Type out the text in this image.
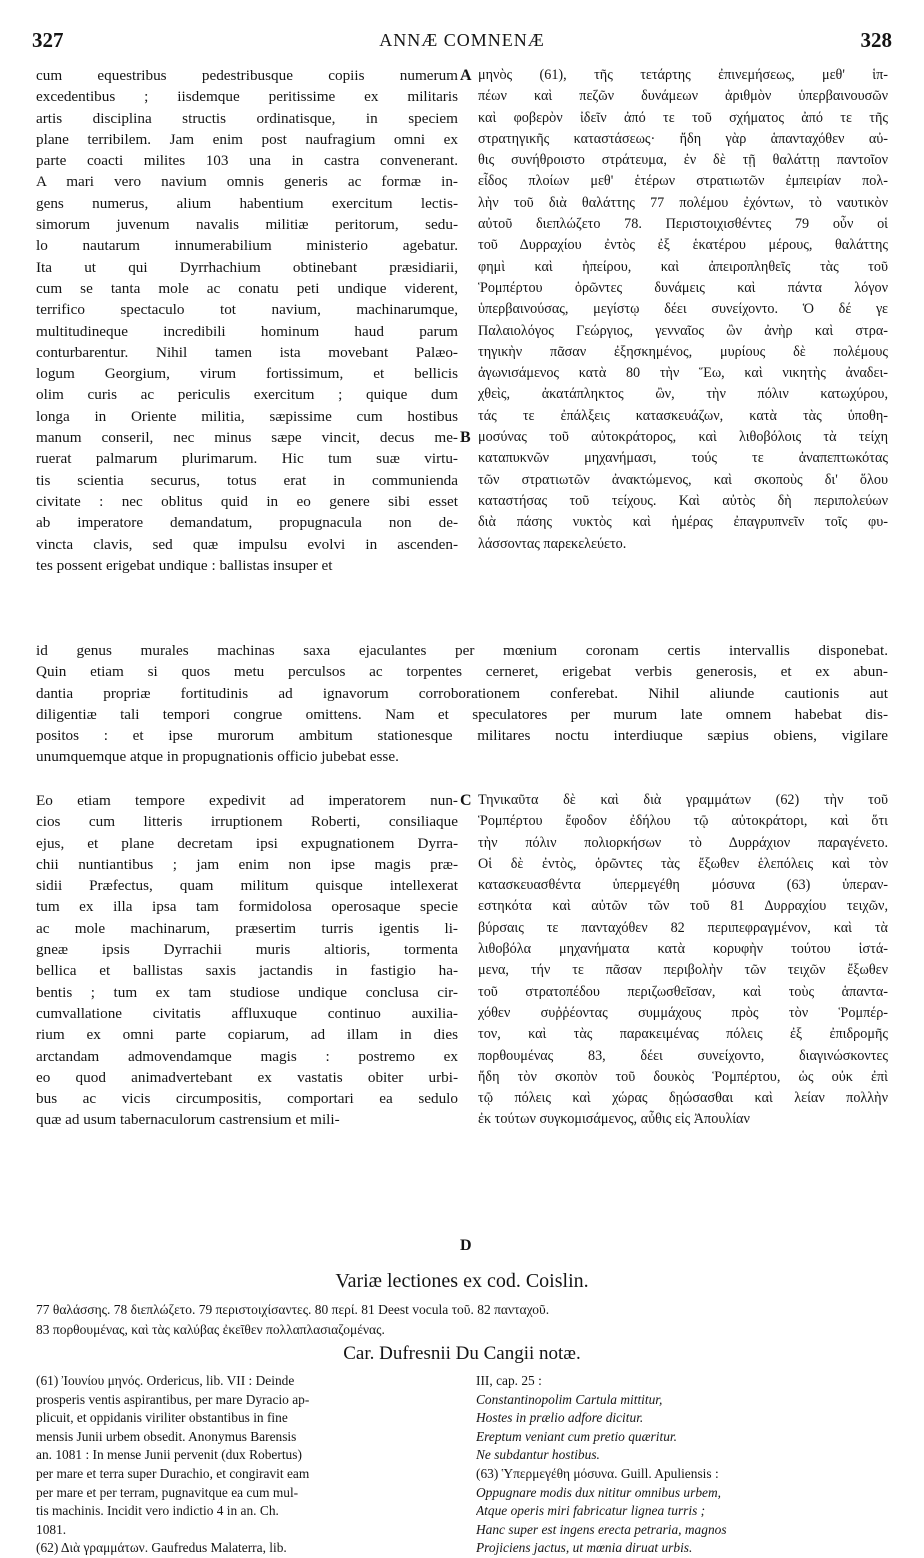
327	ANNÆ COMNENÆ	328
A
B
C
D
cum equestribus pedestribusque copiis numerum
excedentibus ; iisdemque peritissime ex militaris
artis disciplina structis ordinatisque, in speciem
plane terribilem. Jam enim post naufragium omni ex
parte coacti milites 103 una in castra convenerant.
A mari vero navium omnis generis ac formæ in-
gens numerus, alium habentium exercitum lectis-
simorum juvenum navalis militiæ peritorum, sedu-
lo nautarum innumerabilium ministerio agebatur.
Ita ut qui Dyrrhachium obtinebant præsidiarii,
cum se tanta mole ac conatu peti undique viderent,
terrifico spectaculo tot navium, machinarumque,
multitudineque incredibili hominum haud parum
conturbarentur. Nihil tamen ista movebant Palæo-
logum Georgium, virum fortissimum, et bellicis
olim curis ac periculis exercitum ; quique dum
longa in Oriente militia, sæpissime cum hostibus
manum conseril, nec minus sæpe vincit, decus me-
ruerat palmarum plurimarum. Hic tum suæ virtu-
tis scientia securus, totus erat in communienda
civitate : nec oblitus quid in eo genere sibi esset
ab imperatore demandatum, propugnacula non de-
vincta clavis, sed quæ impulsu evolvi in ascenden-
tes possent erigebat undique : ballistas insuper et
μηνὸς (61), τῆς τετάρτης ἐπινεμήσεως, μεθ' ἱπ-
πέων καὶ πεζῶν δυνάμεων ἀριθμὸν ὑπερβαινουσῶν
καὶ φοβερὸν ἰδεῖν ἀπό τε τοῦ σχήματος ἀπό τε τῆς
στρατηγικῆς καταστάσεως· ἤδη γὰρ ἁπανταχόθεν αὐ-
θις συνήθροιστο στράτευμα, ἐν δὲ τῇ θαλάττῃ παντοῖον
εἶδος πλοίων μεθ' ἑτέρων στρατιωτῶν ἐμπειρίαν πολ-
λὴν τοῦ διὰ θαλάττης 77 πολέμου ἐχόντων, τὸ ναυτικὸν
αὐτοῦ διεπλώζετο 78. Περιστοιχισθέντες 79 οὖν οἱ
τοῦ Δυρραχίου ἐντὸς ἐξ ἑκατέρου μέρους, θαλάττης
φημὶ καὶ ἠπείρου, καὶ ἀπειροπληθεῖς τὰς τοῦ
Ῥομπέρτου ὁρῶντες δυνάμεις καὶ πάντα λόγον
ὑπερβαινούσας, μεγίστῳ δέει συνείχοντο. Ὁ δέ γε
Παλαιολόγος Γεώργιος, γενναῖος ὢν ἀνὴρ καὶ στρα-
τηγικὴν πᾶσαν ἐξησκημένος, μυρίους δὲ πολέμους
ἀγωνισάμενος κατὰ 80 τὴν Ἕω, καὶ νικητὴς ἀναδει-
χθεὶς, ἀκατάπληκτος ὢν, τὴν πόλιν κατωχύρου,
τάς τε ἐπάλξεις κατασκευάζων, κατὰ τὰς ὑποθη-
μοσύνας τοῦ αὐτοκράτορος, καὶ λιθοβόλοις τὰ τείχη
καταπυκνῶν μηχανήμασι, τούς τε ἀναπεπτωκότας
τῶν στρατιωτῶν ἀνακτώμενος, καὶ σκοποὺς δι' ὅλου
καταστήσας τοῦ τείχους. Καὶ αὐτὸς δὴ περιπολεύων
διὰ πάσης νυκτὸς καὶ ἡμέρας ἐπαγρυπνεῖν τοῖς φυ-
λάσσοντας παρεκελεύετο.
id genus murales machinas saxa ejaculantes per mœnium coronam certis intervallis disponebat.
Quin etiam si quos metu perculsos ac torpentes cerneret, erigebat verbis generosis, et ex abun-
dantia propriæ fortitudinis ad ignavorum corroborationem conferebat. Nihil aliunde cautionis aut
diligentiæ tali tempori congrue omittens. Nam et speculatores per murum late omnem habebat dis-
positos : et ipse murorum ambitum stationesque militares noctu interdiuque sæpius obiens, vigilare
unumquemque atque in propugnationis officio jubebat esse.
Eo etiam tempore expedivit ad imperatorem nun-
cios cum litteris irruptionem Roberti, consiliaque
ejus, et plane decretam ipsi expugnationem Dyrra-
chii nuntiantibus ; jam enim non ipse magis præ-
sidii Præfectus, quam militum quisque intellexerat
tum ex illa ipsa tam formidolosa operosaque specie
ac mole machinarum, præsertim turris igentis li-
gneæ ipsis Dyrrachii muris altioris, tormenta
bellica et ballistas saxis jactandis in fastigio ha-
bentis ; tum ex tam studiose undique conclusa cir-
cumvallatione civitatis affluxuque continuo auxilia-
rium ex omni parte copiarum, ad illam in dies
arctandam admovendamque magis : postremo ex
eo quod animadvertebant ex vastatis obiter urbi-
bus ac vicis circumpositis, comportari ea sedulo
quæ ad usum tabernaculorum castrensium et mili-
Τηνικαῦτα δὲ καὶ διὰ γραμμάτων (62) τὴν τοῦ
Ῥομπέρτου ἔφοδον ἐδήλου τῷ αὐτοκράτορι, καὶ ὅτι
τὴν πόλιν πολιορκήσων τὸ Δυρράχιον παραγένετο.
Οἱ δὲ ἐντὸς, ὁρῶντες τὰς ἔξωθεν ἑλεπόλεις καὶ τὸν
κατασκευασθέντα ὑπερμεγέθη μόσυνα (63) ὑπεραν-
εστηκότα καὶ αὐτῶν τῶν τοῦ 81 Δυρραχίου τειχῶν,
βύρσαις τε πανταχόθεν 82 περιπεφραγμένον, καὶ τὰ
λιθοβόλα μηχανήματα κατὰ κορυφὴν τούτου ἱστά-
μενα, τήν τε πᾶσαν περιβολὴν τῶν τειχῶν ἔξωθεν
τοῦ στρατοπέδου περιζωσθεῖσαν, καὶ τοὺς ἁπαντα-
χόθεν συῤῥέοντας συμμάχους πρὸς τὸν Ῥομπέρ-
τον, καὶ τὰς παρακειμένας πόλεις ἐξ ἐπιδρομῆς
πορθουμένας 83, δέει συνείχοντο, διαγινώσκοντες
ἤδη τὸν σκοπὸν τοῦ δουκὸς Ῥομπέρτου, ὡς οὐκ ἐπὶ
τῷ πόλεις καὶ χώρας δῃώσασθαι καὶ λείαν πολλὴν
ἐκ τούτων συγκομισάμενος, αὖθις εἰς Ἀπουλίαν
Variæ lectiones ex cod. Coislin.
77 θαλάσσης. 78 διεπλώζετο. 79 περιστοιχίσαντες. 80 περί. 81 Deest vocula τοῦ. 82 πανταχοῦ.
83 πορθουμένας, καὶ τὰς καλύβας ἐκεῖθεν πολλαπλασιαζομένας.
Car. Dufresnii Du Cangii notæ.
(61) Ἰουνίου μηνός. Ordericus, lib. VII : Deinde
prosperis ventis aspirantibus, per mare Dyracio ap-
plicuit, et oppidanis viriliter obstantibus in fine
mensis Junii urbem obsedit. Anonymus Barensis
an. 1081 : In mense Junii pervenit (dux Robertus)
per mare et terra super Durachio, et congiravit eam
per mare et per terram, pugnavitque ea cum mul-
tis machinis. Incidit vero indictio 4 in an. Ch.
1081.
(62) Διὰ γραμμάτων. Gaufredus Malaterra, lib.
III, cap. 25 :
Constantinopolim Cartula mittitur,
Hostes in prælio adfore dicitur.
Ereptum veniant cum pretio quæritur.
Ne subdantur hostibus.
(63) Ὑπερμεγέθη μόσυνα. Guill. Apuliensis :
Oppugnare modis dux nititur omnibus urbem,
Atque operis miri fabricatur lignea turris ;
Hanc super est ingens erecta petraria, magnos
Projiciens jactus, ut mœnia diruat urbis.
